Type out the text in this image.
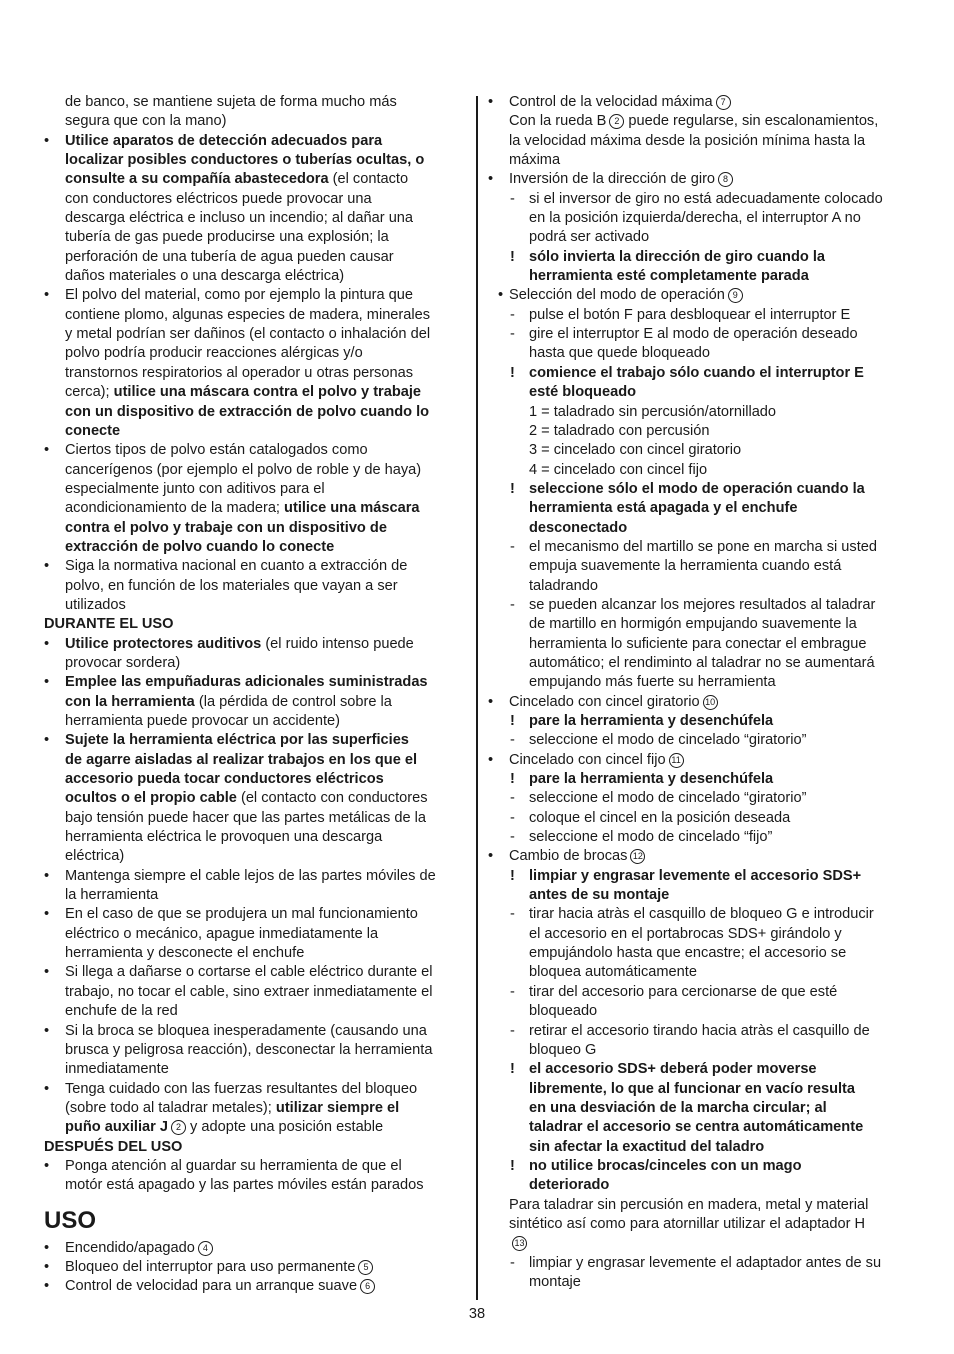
de banco, se mantiene sujeta de forma mucho más
segura que con la mano)
• Utilice aparatos de detección adecuados para
localizar posibles conductores o tuberías ocultas, o
consulte a su compañía abastecedora (el contacto
con conductores eléctricos puede provocar una
descarga eléctrica e incluso un incendio; al dañar una
tubería de gas puede producirse una explosión; la
perforación de una tubería de agua pueden causar
daños materiales o una descarga eléctrica)
• El polvo del material, como por ejemplo la pintura que
contiene plomo, algunas especies de madera, minerales
y metal podrían ser dañinos (el contacto o inhalación del
polvo podría producir reacciones alérgicas y/o
transtornos respiratorios al operador u otras personas
cerca); utilice una máscara contra el polvo y trabaje
con un dispositivo de extracción de polvo cuando lo
conecte
• Ciertos tipos de polvo están catalogados como
cancerígenos (por ejemplo el polvo de roble y de haya)
especialmente junto con aditivos para el
acondicionamiento de la madera; utilice una máscara
contra el polvo y trabaje con un dispositivo de
extracción de polvo cuando lo conecte
• Siga la normativa nacional en cuanto a extracción de
polvo, en función de los materiales que vayan a ser
utilizados
DURANTE EL USO
• Utilice protectores auditivos (el ruido intenso puede
provocar sordera)
• Emplee las empuñaduras adicionales suministradas
con la herramienta (la pérdida de control sobre la
herramienta puede provocar un accidente)
• Sujete la herramienta eléctrica por las superficies
de agarre aisladas al realizar trabajos en los que el
accesorio pueda tocar conductores eléctricos
ocultos o el propio cable (el contacto con conductores
bajo tensión puede hacer que las partes metálicas de la
herramienta eléctrica le provoquen una descarga
eléctrica)
• Mantenga siempre el cable lejos de las partes móviles de
la herramienta
• En el caso de que se produjera un mal funcionamiento
eléctrico o mecánico, apague inmediatamente la
herramienta y desconecte el enchufe
• Si llega a dañarse o cortarse el cable eléctrico durante el
trabajo, no tocar el cable, sino extraer inmediatamente el
enchufe de la red
• Si la broca se bloquea inesperadamente (causando una
brusca y peligrosa reacción), desconectar la herramienta
inmediatamente
• Tenga cuidado con las fuerzas resultantes del bloqueo
(sobre todo al taladrar metales); utilizar siempre el
puño auxiliar J 2 y adopte una posición estable
DESPUÉS DEL USO
• Ponga atención al guardar su herramienta de que el
motór está apagado y las partes móviles están parados
USO
• Encendido/apagado 4
• Bloqueo del interruptor para uso permanente 5
• Control de velocidad para un arranque suave 6
• Control de la velocidad máxima 7
Con la rueda B 2 puede regularse, sin escalonamientos,
la velocidad máxima desde la posición mínima hasta la
máxima
• Inversión de la dirección de giro 8
- si el inversor de giro no está adecuadamente colocado
en la posición izquierda/derecha, el interruptor A no
podrá ser activado
! sólo invierta la dirección de giro cuando la
herramienta esté completamente parada
• Selección del modo de operación 9
- pulse el botón F para desbloquear el interruptor E
- gire el interruptor E al modo de operación deseado
hasta que quede bloqueado
! comience el trabajo sólo cuando el interruptor E
esté bloqueado
1 = taladrado sin percusión/atornillado
2 = taladrado con percusión
3 = cincelado con cincel giratorio
4 = cincelado con cincel fijo
! seleccione sólo el modo de operación cuando la
herramienta está apagada y el enchufe
desconectado
- el mecanismo del martillo se pone en marcha si usted
empuja suavemente la herramienta cuando está
taladrando
- se pueden alcanzar los mejores resultados al taladrar
de martillo en hormigón empujando suavemente la
herramienta lo suficiente para conectar el embrague
automático; el rendiminto al taladrar no se aumentará
empujando más fuerte su herramienta
• Cincelado con cincel giratorio 10
! pare la herramienta y desenchúfela
- seleccione el modo de cincelado “giratorio”
• Cincelado con cincel fijo 11
! pare la herramienta y desenchúfela
- seleccione el modo de cincelado “giratorio”
- coloque el cincel en la posición deseada
- seleccione el modo de cincelado “fijo”
• Cambio de brocas 12
! limpiar y engrasar levemente el accesorio SDS+
antes de su montaje
- tirar hacia atràs el casquillo de bloqueo G e introducir
el accesorio en el portabrocas SDS+ girándolo y
empujándolo hasta que encastre; el accesorio se
bloquea automáticamente
- tirar del accesorio para cercionarse de que esté
bloqueado
- retirar el accesorio tirando hacia atràs el casquillo de
bloqueo G
! el accesorio SDS+ deberá poder moverse
libremente, lo que al funcionar en vacío resulta
en una desviación de la marcha circular; al
taladrar el accesorio se centra automáticamente
sin afectar la exactitud del taladro
! no utilice brocas/cinceles con un mago
deteriorado
Para taladrar sin percusión en madera, metal y material
sintético así como para atornillar utilizar el adaptador H
13
- limpiar y engrasar levemente el adaptador antes de su
montaje
38
